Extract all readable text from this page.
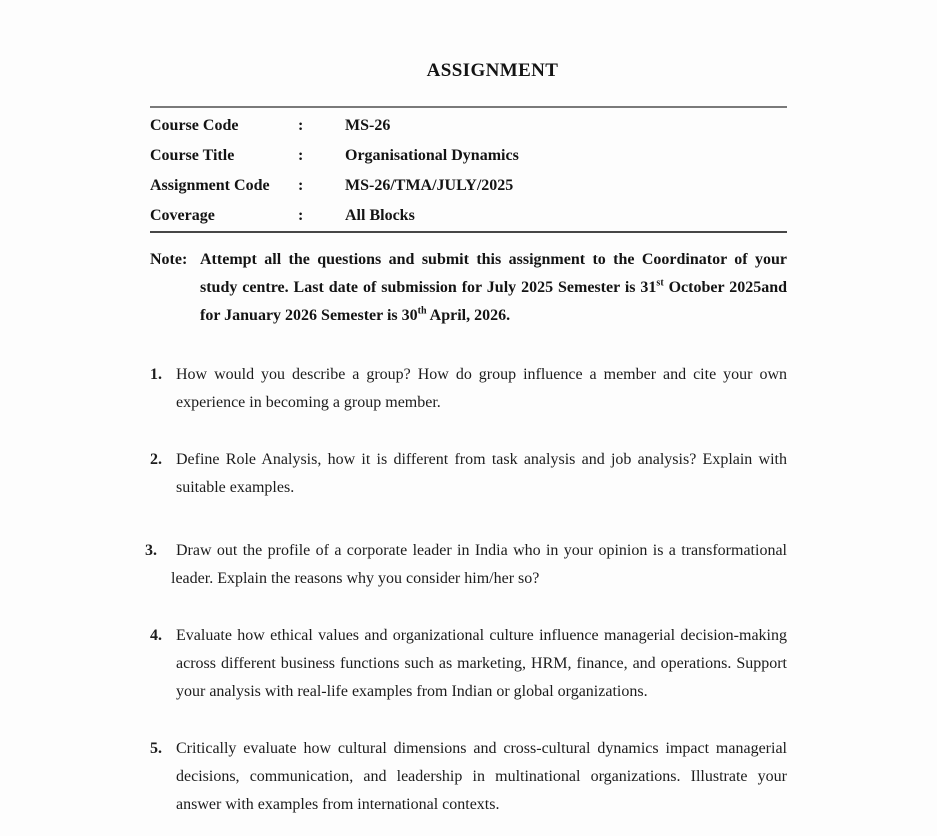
ASSIGNMENT
Course Code	:	MS-26
Course Title	:	Organisational Dynamics
Assignment Code	:	MS-26/TMA/JULY/2025
Coverage	:	All Blocks

Note: Attempt all the questions and submit this assignment to the Coordinator of your study centre. Last date of submission for July 2025 Semester is 31st October 2025and for January 2026 Semester is 30th April, 2026.

1. How would you describe a group? How do group influence a member and cite your own experience in becoming a group member.

2. Define Role Analysis, how it is different from task analysis and job analysis? Explain with suitable examples.

3. Draw out the profile of a corporate leader in India who in your opinion is a transformational leader. Explain the reasons why you consider him/her so?

4. Evaluate how ethical values and organizational culture influence managerial decision-making across different business functions such as marketing, HRM, finance, and operations. Support your analysis with real-life examples from Indian or global organizations.

5. Critically evaluate how cultural dimensions and cross-cultural dynamics impact managerial decisions, communication, and leadership in multinational organizations. Illustrate your answer with examples from international contexts.
